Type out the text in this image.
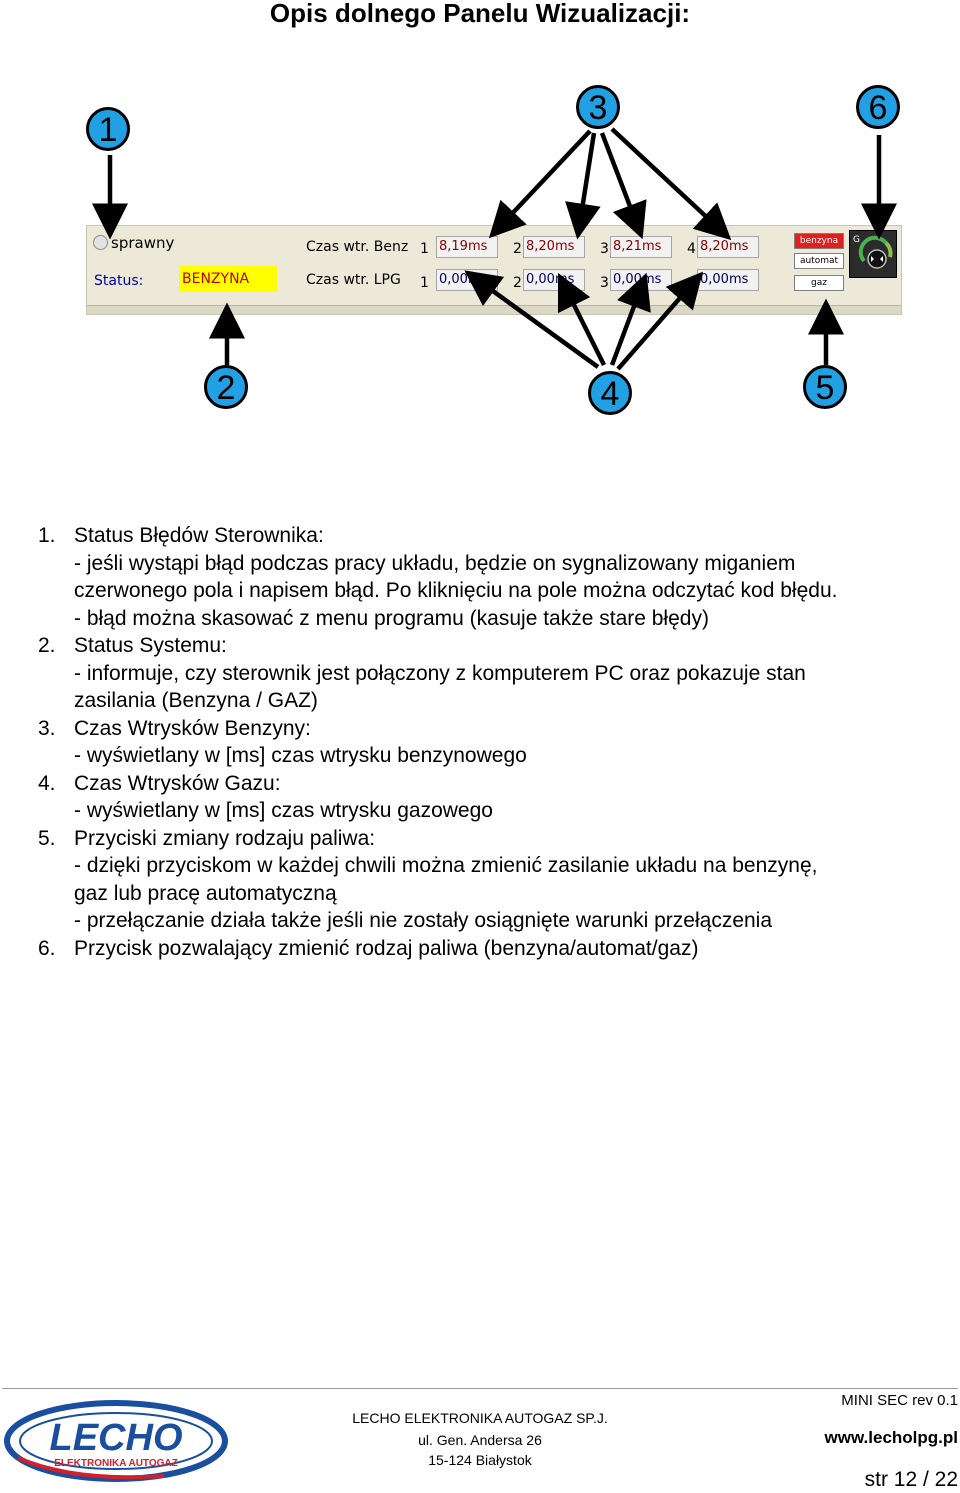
Opis dolnego Panelu Wizualizacji:
1
3	6
2	4	5
sprawny
Status:	BENZYNA
Czas wtr. Benz
Czas wtr. LPG
1 8,19ms	2 8,20ms	3 8,21ms	4 8,20ms
1 0,00ms	2 0,00ms	3 0,00ms	4 0,00ms
benzyna
automat
gaz
G
1. Status Błędów Sterownika:
- jeśli wystąpi błąd podczas pracy układu, będzie on sygnalizowany miganiem
czerwonego pola i napisem błąd. Po kliknięciu na pole można odczytać kod błędu.
- błąd można skasować z menu programu (kasuje także stare błędy)
2. Status Systemu:
- informuje, czy sterownik jest połączony z komputerem PC oraz pokazuje stan
zasilania (Benzyna / GAZ)
3. Czas Wtrysków Benzyny:
- wyświetlany w [ms] czas wtrysku benzynowego
4. Czas Wtrysków Gazu:
- wyświetlany w [ms] czas wtrysku gazowego
5. Przyciski zmiany rodzaju paliwa:
- dzięki przyciskom w każdej chwili można zmienić zasilanie układu na benzynę,
gaz lub pracę automatyczną
- przełączanie działa także jeśli nie zostały osiągnięte warunki przełączenia
6. Przycisk pozwalający zmienić rodzaj paliwa (benzyna/automat/gaz)
LECHO
ELEKTRONIKA AUTOGAZ
LECHO ELEKTRONIKA AUTOGAZ SP.J.
ul. Gen. Andersa 26
15-124 Białystok
MINI SEC rev 0.1
www.lecholpg.pl
str 12 / 22
